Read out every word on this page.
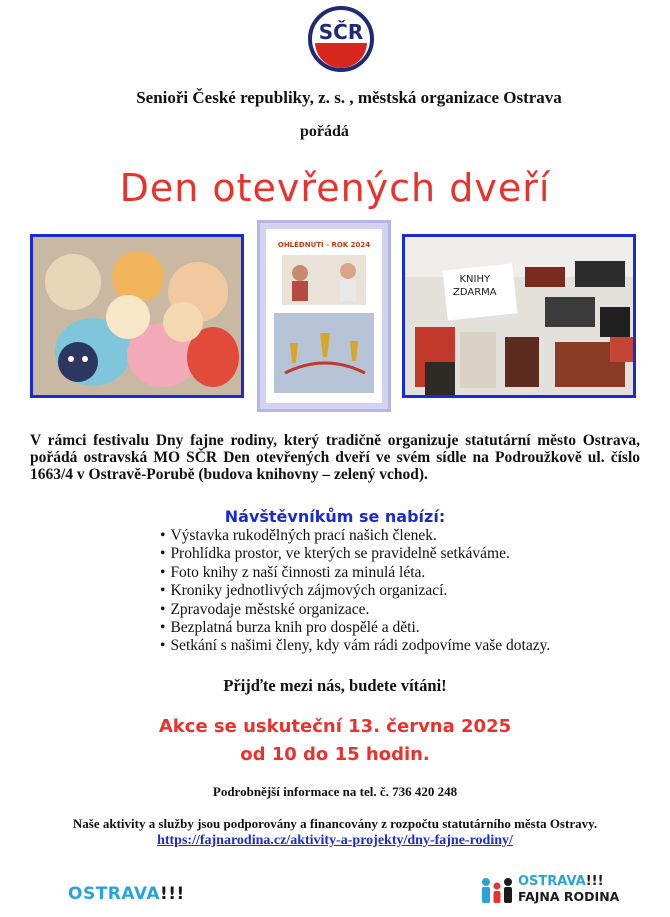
SČR
Senioři České republiky, z. s. , městská organizace Ostrava
pořádá
Den otevřených dveří
OHLÉDNUTÍ - ROK 2024
KNIHY
ZDARMA
V rámci festivalu Dny fajne rodiny, který tradičně organizuje statutární město Ostrava, pořádá ostravská MO SČR Den otevřených dveří ve svém sídle na Podroužkově ul. číslo 1663/4 v Ostravě-Porubě (budova knihovny – zelený vchod).
Návštěvníkům se nabízí:
• Výstavka rukodělných prací našich členek.
• Prohlídka prostor, ve kterých se pravidelně setkáváme.
• Foto knihy z naší činnosti za minulá léta.
• Kroniky jednotlivých zájmových organizací.
• Zpravodaje městské organizace.
• Bezplatná burza knih pro dospělé a děti.
• Setkání s našimi členy, kdy vám rádi zodpovíme vaše dotazy.
Přijďte mezi nás, budete vítáni!
Akce se uskuteční 13. června 2025
od 10 do 15 hodin.
Podrobnější informace na tel. č. 736 420 248
Naše aktivity a služby jsou podporovány a financovány z rozpočtu statutárního města Ostravy.
https://fajnarodina.cz/aktivity-a-projekty/dny-fajne-rodiny/
OSTRAVA!!!
OSTRAVA!!!
FAJNA RODINA
